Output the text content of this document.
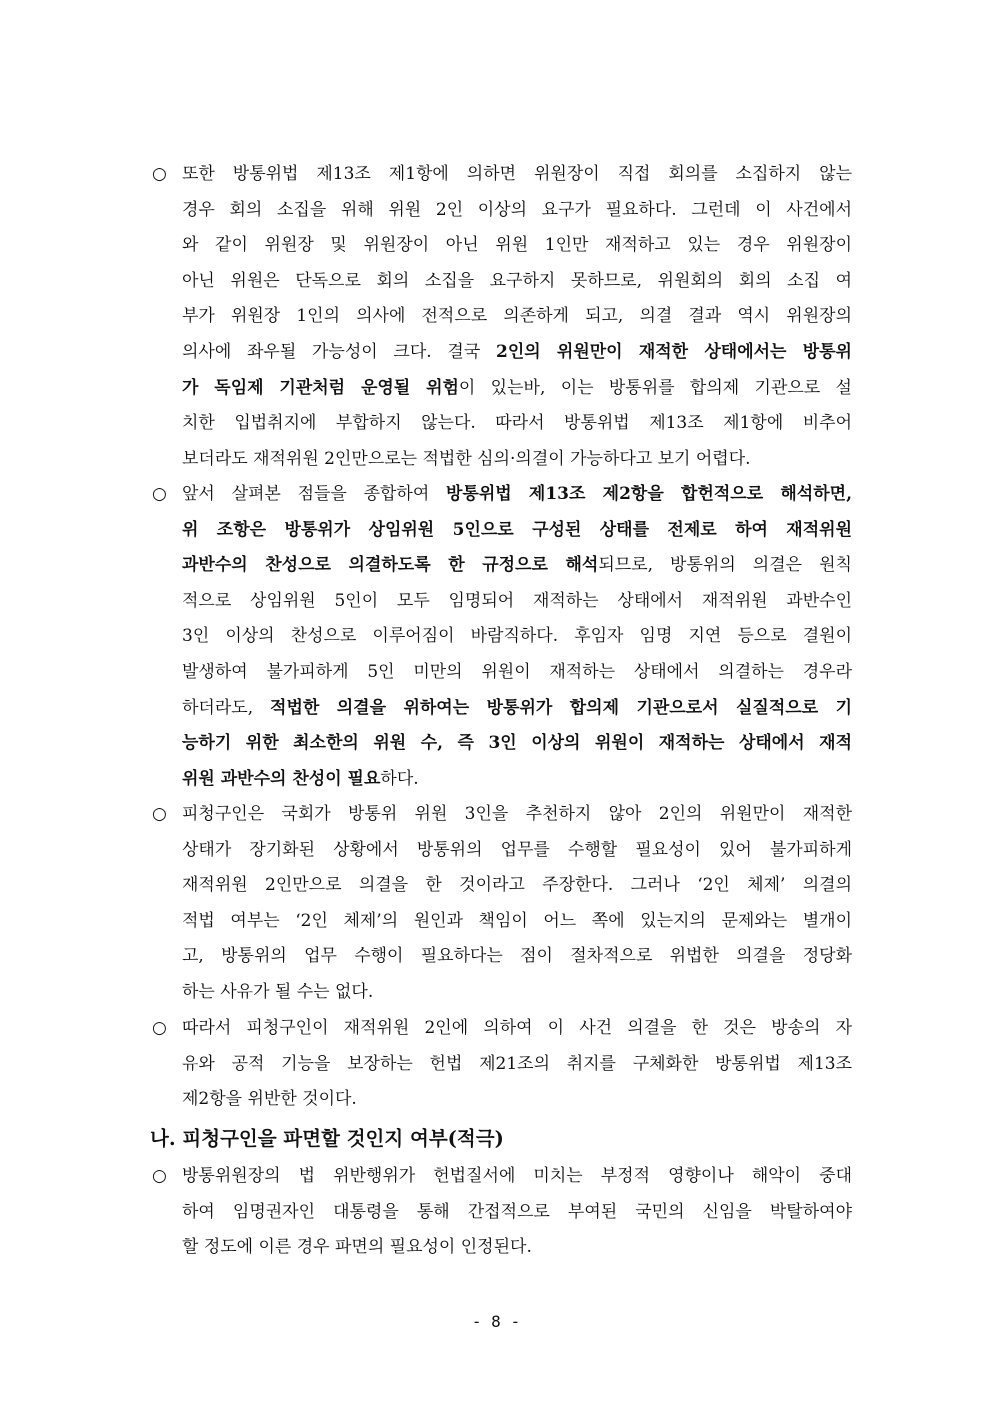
○ 또한 방통위법 제13조 제1항에 의하면 위원장이 직접 회의를 소집하지 않는
경우 회의 소집을 위해 위원 2인 이상의 요구가 필요하다. 그런데 이 사건에서
와 같이 위원장 및 위원장이 아닌 위원 1인만 재적하고 있는 경우 위원장이
아닌 위원은 단독으로 회의 소집을 요구하지 못하므로, 위원회의 회의 소집 여
부가 위원장 1인의 의사에 전적으로 의존하게 되고, 의결 결과 역시 위원장의
의사에 좌우될 가능성이 크다. 결국 2인의 위원만이 재적한 상태에서는 방통위
가 독임제 기관처럼 운영될 위험이 있는바, 이는 방통위를 합의제 기관으로 설
치한 입법취지에 부합하지 않는다. 따라서 방통위법 제13조 제1항에 비추어
보더라도 재적위원 2인만으로는 적법한 심의·의결이 가능하다고 보기 어렵다.
○ 앞서 살펴본 점들을 종합하여 방통위법 제13조 제2항을 합헌적으로 해석하면,
위 조항은 방통위가 상임위원 5인으로 구성된 상태를 전제로 하여 재적위원
과반수의 찬성으로 의결하도록 한 규정으로 해석되므로, 방통위의 의결은 원칙
적으로 상임위원 5인이 모두 임명되어 재적하는 상태에서 재적위원 과반수인
3인 이상의 찬성으로 이루어짐이 바람직하다. 후임자 임명 지연 등으로 결원이
발생하여 불가피하게 5인 미만의 위원이 재적하는 상태에서 의결하는 경우라
하더라도, 적법한 의결을 위하여는 방통위가 합의제 기관으로서 실질적으로 기
능하기 위한 최소한의 위원 수, 즉 3인 이상의 위원이 재적하는 상태에서 재적
위원 과반수의 찬성이 필요하다.
○ 피청구인은 국회가 방통위 위원 3인을 추천하지 않아 2인의 위원만이 재적한
상태가 장기화된 상황에서 방통위의 업무를 수행할 필요성이 있어 불가피하게
재적위원 2인만으로 의결을 한 것이라고 주장한다. 그러나 ‘2인 체제’ 의결의
적법 여부는 ‘2인 체제’의 원인과 책임이 어느 쪽에 있는지의 문제와는 별개이
고, 방통위의 업무 수행이 필요하다는 점이 절차적으로 위법한 의결을 정당화
하는 사유가 될 수는 없다.
○ 따라서 피청구인이 재적위원 2인에 의하여 이 사건 의결을 한 것은 방송의 자
유와 공적 기능을 보장하는 헌법 제21조의 취지를 구체화한 방통위법 제13조
제2항을 위반한 것이다.
나. 피청구인을 파면할 것인지 여부(적극)
○ 방통위원장의 법 위반행위가 헌법질서에 미치는 부정적 영향이나 해악이 중대
하여 임명권자인 대통령을 통해 간접적으로 부여된 국민의 신임을 박탈하여야
할 정도에 이른 경우 파면의 필요성이 인정된다.
- 8 -
